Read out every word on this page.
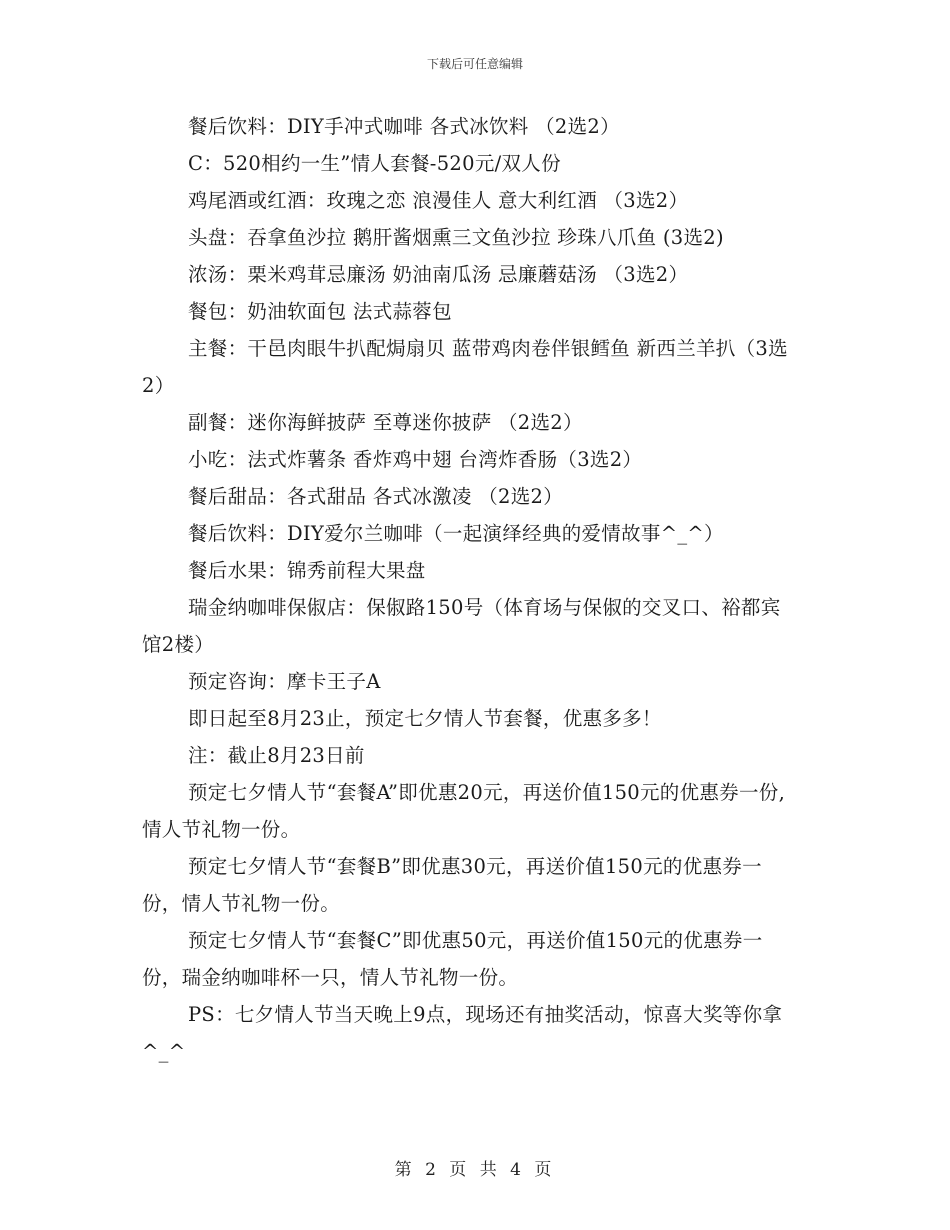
下载后可任意编辑

餐后饮料：DIY手冲式咖啡 各式冰饮料 （2选2）

C：520相约一生”情人套餐-520元/双人份

鸡尾酒或红酒：玫瑰之恋 浪漫佳人 意大利红酒 （3选2）

头盘：吞拿鱼沙拉 鹅肝酱烟熏三文鱼沙拉 珍珠八爪鱼 (3选2)

浓汤：栗米鸡茸忌廉汤 奶油南瓜汤 忌廉蘑菇汤 （3选2）

餐包：奶油软面包 法式蒜蓉包

主餐：干邑肉眼牛扒配焗扇贝 蓝带鸡肉卷伴银鳕鱼 新西兰羊扒（3选2）

副餐：迷你海鲜披萨 至尊迷你披萨 （2选2）

小吃：法式炸薯条 香炸鸡中翅 台湾炸香肠（3选2）

餐后甜品：各式甜品 各式冰激凌 （2选2）

餐后饮料：DIY爱尔兰咖啡（一起演绎经典的爱情故事^_^）

餐后水果：锦秀前程大果盘

瑞金纳咖啡保俶店：保俶路150号（体育场与保俶的交叉口、裕都宾馆2楼）

预定咨询：摩卡王子A

即日起至8月23止，预定七夕情人节套餐，优惠多多！

注：截止8月23日前

预定七夕情人节“套餐A”即优惠20元，再送价值150元的优惠券一份,情人节礼物一份。

预定七夕情人节“套餐B”即优惠30元，再送价值150元的优惠券一份，情人节礼物一份。

预定七夕情人节“套餐C”即优惠50元，再送价值150元的优惠券一份，瑞金纳咖啡杯一只，情人节礼物一份。

PS：七夕情人节当天晚上9点，现场还有抽奖活动，惊喜大奖等你拿^_^

第 2 页 共 4 页
